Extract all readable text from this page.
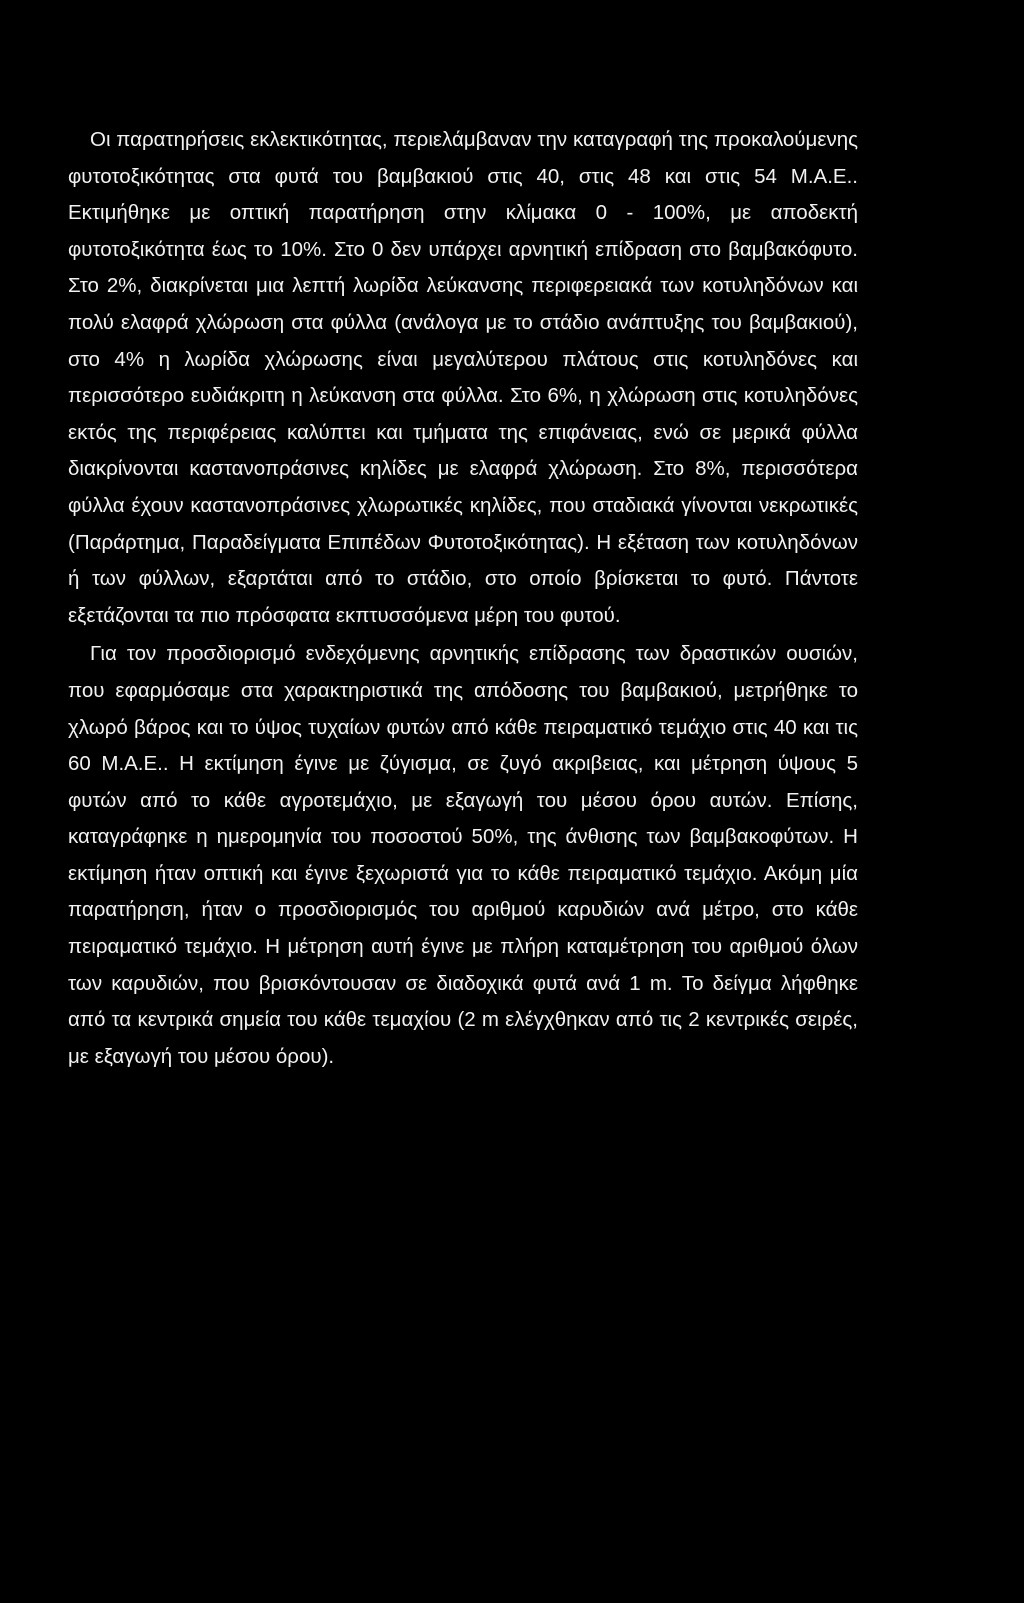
Οι παρατηρήσεις εκλεκτικότητας, περιελάμβαναν την καταγραφή της προκαλούμενης φυτοτοξικότητας στα φυτά του βαμβακιού στις 40, στις 48 και στις 54 Μ.Α.Ε.. Εκτιμήθηκε με οπτική παρατήρηση στην κλίμακα 0 - 100%, με αποδεκτή φυτοτοξικότητα έως το 10%. Στο 0 δεν υπάρχει αρνητική επίδραση στο βαμβακόφυτο. Στο 2%, διακρίνεται μια λεπτή λωρίδα λεύκανσης περιφερειακά των κοτυληδόνων και πολύ ελαφρά χλώρωση στα φύλλα (ανάλογα με το στάδιο ανάπτυξης του βαμβακιού), στο 4% η λωρίδα χλώρωσης είναι μεγαλύτερου πλάτους στις κοτυληδόνες και περισσότερο ευδιάκριτη η λεύκανση στα φύλλα. Στο 6%, η χλώρωση στις κοτυληδόνες εκτός της περιφέρειας καλύπτει και τμήματα της επιφάνειας, ενώ σε μερικά φύλλα διακρίνονται καστανοπράσινες κηλίδες με ελαφρά χλώρωση. Στο 8%, περισσότερα φύλλα έχουν καστανοπράσινες χλωρωτικές κηλίδες, που σταδιακά γίνονται νεκρωτικές (Παράρτημα, Παραδείγματα Επιπέδων Φυτοτοξικότητας). Η εξέταση των κοτυληδόνων ή των φύλλων, εξαρτάται από το στάδιο, στο οποίο βρίσκεται το φυτό. Πάντοτε εξετάζονται τα πιο πρόσφατα εκπτυσσόμενα μέρη του φυτού.

Για τον προσδιορισμό ενδεχόμενης αρνητικής επίδρασης των δραστικών ουσιών, που εφαρμόσαμε στα χαρακτηριστικά της απόδοσης του βαμβακιού, μετρήθηκε το χλωρό βάρος και το ύψος τυχαίων φυτών από κάθε πειραματικό τεμάχιο στις 40 και τις 60 Μ.Α.Ε.. Η εκτίμηση έγινε με ζύγισμα, σε ζυγό ακριβειας, και μέτρηση ύψους 5 φυτών από το κάθε αγροτεμάχιο, με εξαγωγή του μέσου όρου αυτών. Επίσης, καταγράφηκε η ημερομηνία του ποσοστού 50%, της άνθισης των βαμβακοφύτων. Η εκτίμηση ήταν οπτική και έγινε ξεχωριστά για το κάθε πειραματικό τεμάχιο. Ακόμη μία παρατήρηση, ήταν ο προσδιορισμός του αριθμού καρυδιών ανά μέτρο, στο κάθε πειραματικό τεμάχιο. Η μέτρηση αυτή έγινε με πλήρη καταμέτρηση του αριθμού όλων των καρυδιών, που βρισκόντουσαν σε διαδοχικά φυτά ανά 1 m. Το δείγμα λήφθηκε από τα κεντρικά σημεία του κάθε τεμαχίου (2 m ελέγχθηκαν από τις 2 κεντρικές σειρές, με εξαγωγή του μέσου όρου).
